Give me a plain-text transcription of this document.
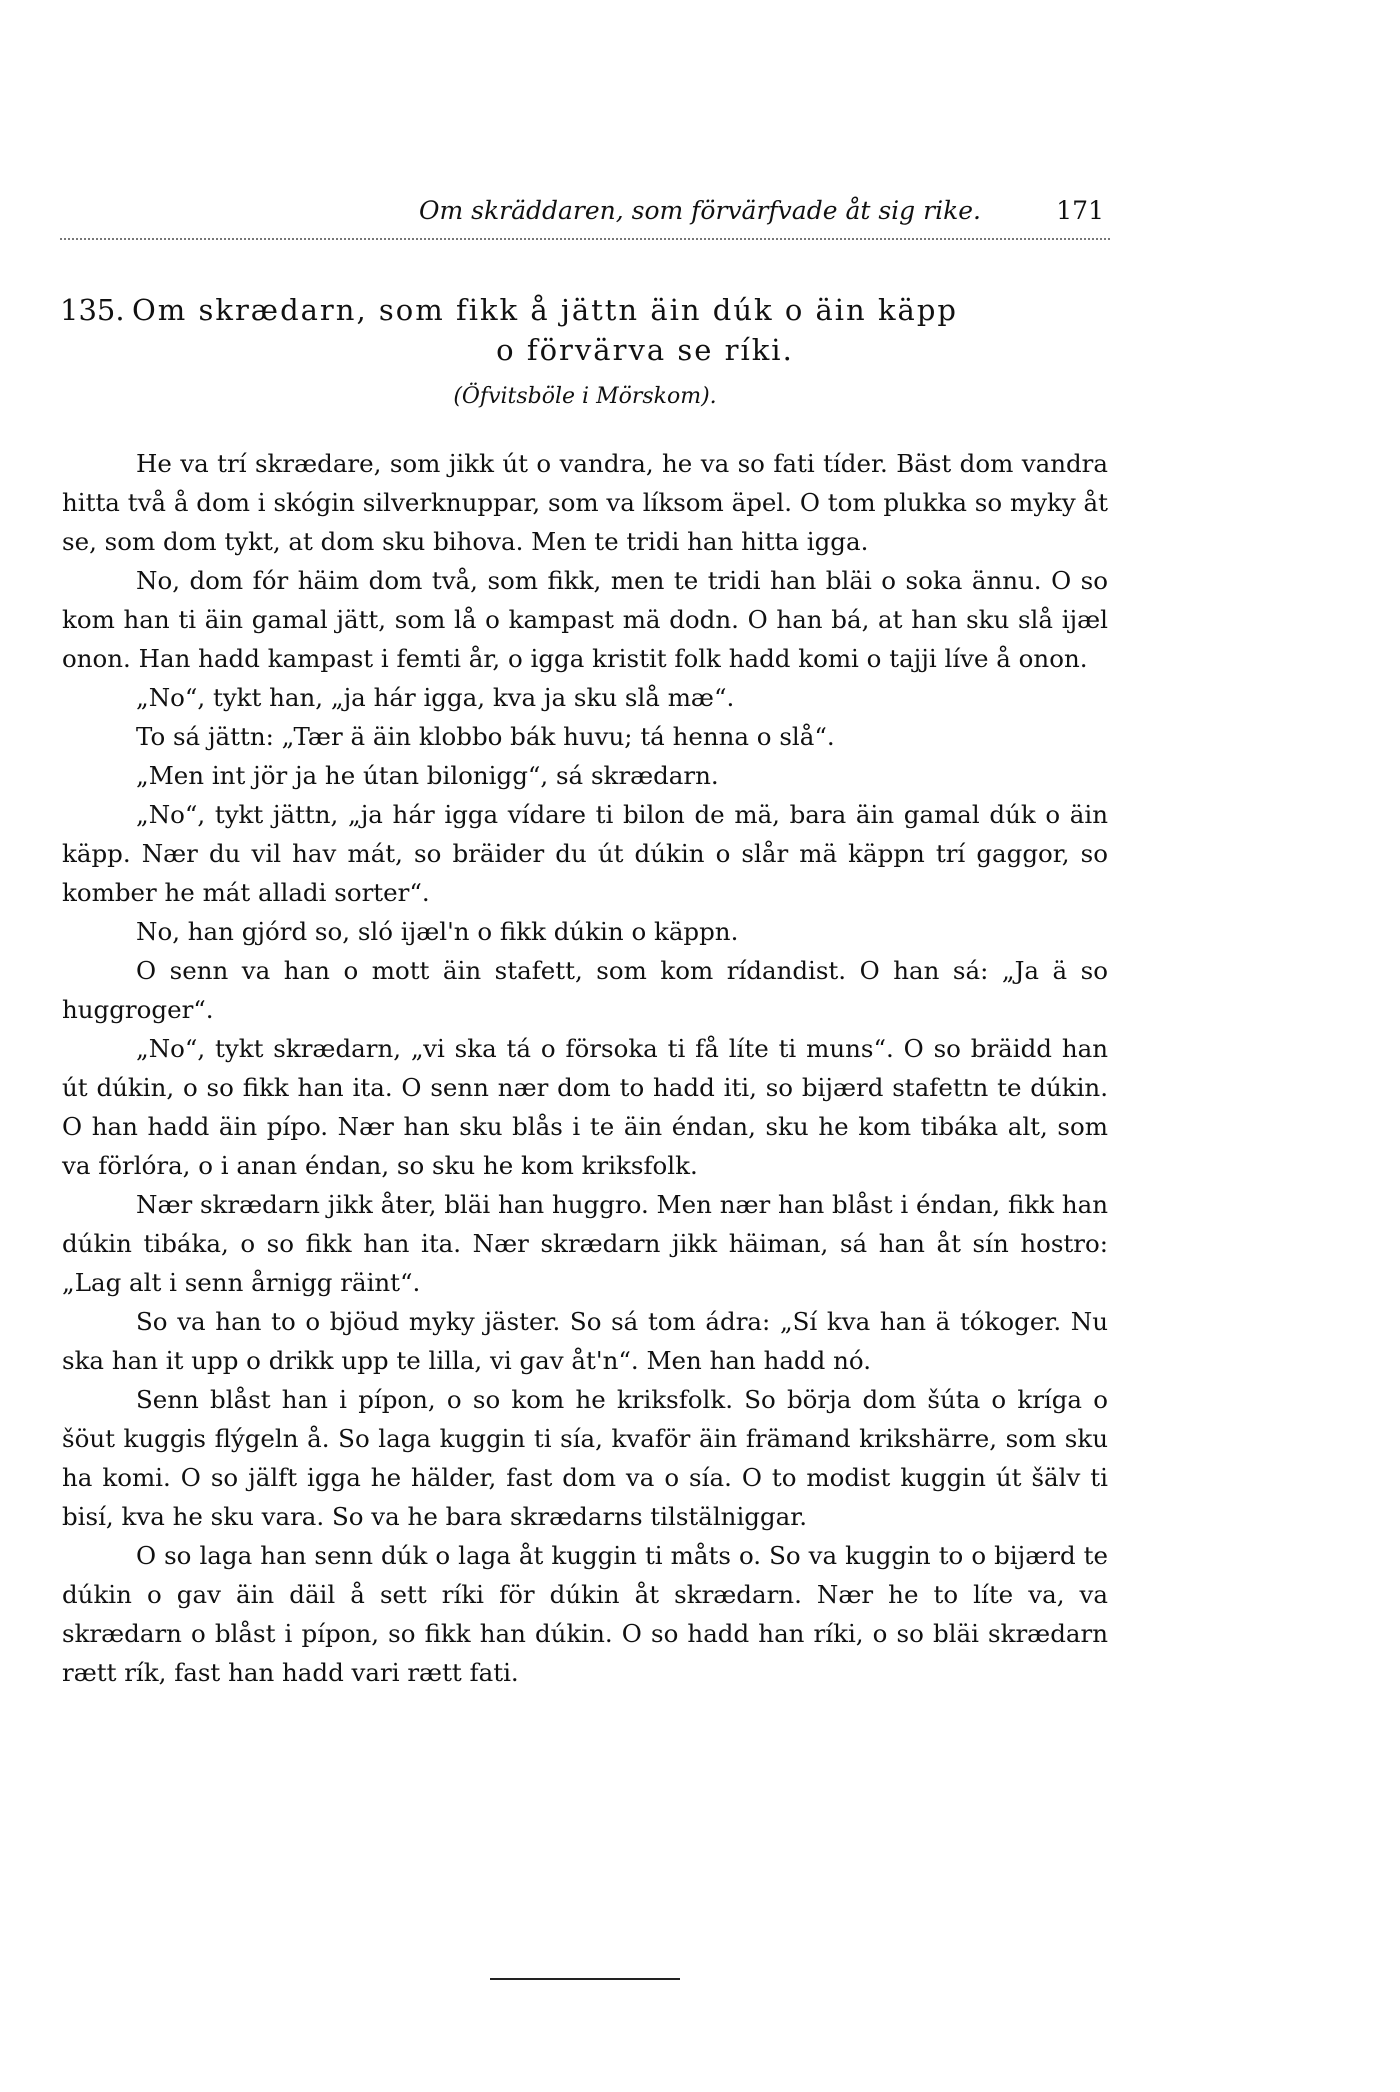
Om skräddaren, som förvärfvade åt sig rike.	171
135. Om skrædarn, som fikk å jättn äin dúk o äin käpp
o förvärva se ríki.
(Öfvitsböle i Mörskom).

He va trí skrædare, som jikk út o vandra, he va so fati tíder. Bäst dom vandra hitta två å dom i skógin silverknuppar, som va líksom äpel. O tom plukka so myky åt se, som dom tykt, at dom sku bihova. Men te tridi han hitta igga.

No, dom fór häim dom två, som fikk, men te tridi han bläi o soka ännu. O so kom han ti äin gamal jätt, som lå o kampast mä dodn. O han bá, at han sku slå ijæl onon. Han hadd kampast i femti år, o igga kristit folk hadd komi o tajji líve å onon.

„No“, tykt han, „ja hár igga, kva ja sku slå mæ“.

To sá jättn: „Tær ä äin klobbo bák huvu; tá henna o slå“.

„Men int jör ja he útan bilonigg“, sá skrædarn.

„No“, tykt jättn, „ja hár igga vídare ti bilon de mä, bara äin gamal dúk o äin käpp. Nær du vil hav mát, so bräider du út dúkin o slår mä käppn trí gaggor, so komber he mát alladi sorter“.

No, han gjórd so, sló ijæl'n o fikk dúkin o käppn.

O senn va han o mott äin stafett, som kom rídandist. O han sá: „Ja ä so huggroger“.

„No“, tykt skrædarn, „vi ska tá o försoka ti få líte ti muns“. O so bräidd han út dúkin, o so fikk han ita. O senn nær dom to hadd iti, so bijærd stafettn te dúkin. O han hadd äin pípo. Nær han sku blås i te äin éndan, sku he kom tibáka alt, som va förlóra, o i anan éndan, so sku he kom kriksfolk.

Nær skrædarn jikk åter, bläi han huggro. Men nær han blåst i éndan, fikk han dúkin tibáka, o so fikk han ita. Nær skrædarn jikk häiman, sá han åt sín hostro: „Lag alt i senn årnigg räint“.

So va han to o bjöud myky jäster. So sá tom ádra: „Sí kva han ä tókoger. Nu ska han it upp o drikk upp te lilla, vi gav åt'n“. Men han hadd nó.

Senn blåst han i pípon, o so kom he kriksfolk. So börja dom šúta o kríga o šöut kuggis flýgeln å. So laga kuggin ti sía, kvaför äin främand krikshärre, som sku ha komi. O so jälft igga he hälder, fast dom va o sía. O to modist kuggin út šälv ti bisí, kva he sku vara. So va he bara skrædarns tilstälniggar.

O so laga han senn dúk o laga åt kuggin ti måts o. So va kuggin to o bijærd te dúkin o gav äin däil å sett ríki för dúkin åt skrædarn. Nær he to líte va, va skrædarn o blåst i pípon, so fikk han dúkin. O so hadd han ríki, o so bläi skrædarn rætt rík, fast han hadd vari rætt fati.
